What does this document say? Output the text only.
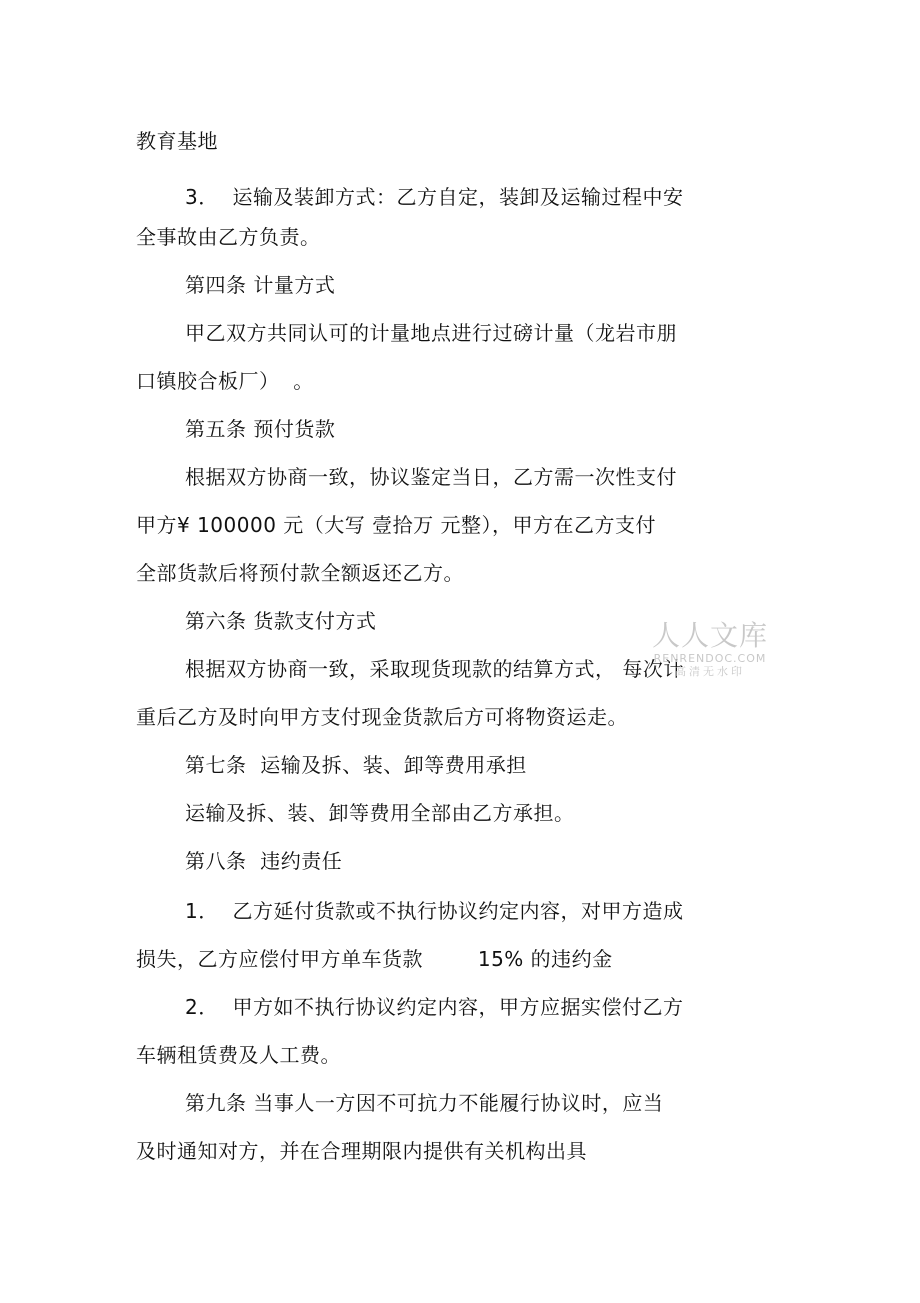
教育基地
3．  运输及装卸方式：乙方自定，装卸及运输过程中安
全事故由乙方负责。
第四条 计量方式
甲乙双方共同认可的计量地点进行过磅计量（龙岩市朋
口镇胶合板厂）  。
第五条 预付货款
根据双方协商一致，协议鉴定当日，乙方需一次性支付
甲方¥ 100000 元（大写 壹拾万 元整），甲方在乙方支付
全部货款后将预付款全额返还乙方。
第六条 货款支付方式
根据双方协商一致，采取现货现款的结算方式， 每次计
重后乙方及时向甲方支付现金货款后方可将物资运走。
第七条  运输及拆、装、卸等费用承担
运输及拆、装、卸等费用全部由乙方承担。
第八条  违约责任
1．  乙方延付货款或不执行协议约定内容，对甲方造成
损失，乙方应偿付甲方单车货款        15% 的违约金
2．  甲方如不执行协议约定内容，甲方应据实偿付乙方
车辆租赁费及人工费。
第九条 当事人一方因不可抗力不能履行协议时，应当
及时通知对方，并在合理期限内提供有关机构出具
人人文库
RENRENDOC.COM
高清无水印
